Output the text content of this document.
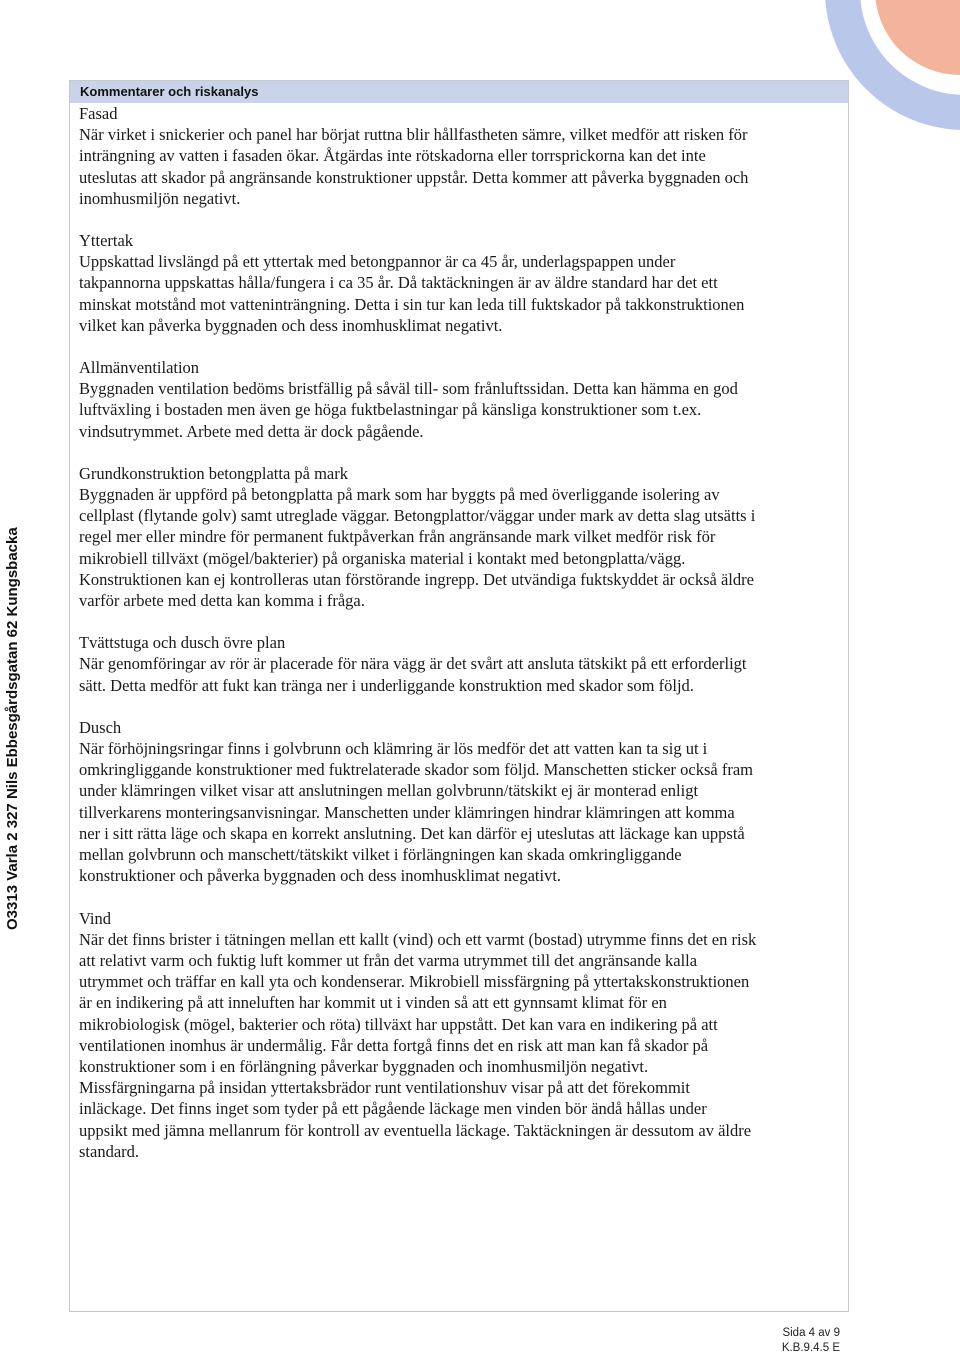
O3313 Varla 2 327 Nils Ebbesgårdsgatan 62 Kungsbacka
Kommentarer och riskanalys
Fasad

När virket i snickerier och panel har börjat ruttna blir hållfastheten sämre, vilket medför att risken för
inträngning av vatten i fasaden ökar. Åtgärdas inte rötskadorna eller torrsprickorna kan det inte
uteslutas att skador på angränsande konstruktioner uppstår. Detta kommer att påverka byggnaden och
inomhusmiljön negativt.

Yttertak

Uppskattad livslängd på ett yttertak med betongpannor är ca 45 år, underlagspappen under
takpannorna uppskattas hålla/fungera i ca 35 år. Då taktäckningen är av äldre standard har det ett
minskat motstånd mot vatteninträngning. Detta i sin tur kan leda till fuktskador på takkonstruktionen
vilket kan påverka byggnaden och dess inomhusklimat negativt.

Allmänventilation

Byggnaden ventilation bedöms bristfällig på såväl till- som frånluftssidan. Detta kan hämma en god
luftväxling i bostaden men även ge höga fuktbelastningar på känsliga konstruktioner som t.ex.
vindsutrymmet. Arbete med detta är dock pågående.

Grundkonstruktion betongplatta på mark

Byggnaden är uppförd på betongplatta på mark som har byggts på med överliggande isolering av
cellplast (flytande golv) samt utreglade väggar. Betongplattor/väggar under mark av detta slag utsätts i
regel mer eller mindre för permanent fuktpåverkan från angränsande mark vilket medför risk för
mikrobiell tillväxt (mögel/bakterier) på organiska material i kontakt med betongplatta/vägg.
Konstruktionen kan ej kontrolleras utan förstörande ingrepp. Det utvändiga fuktskyddet är också äldre
varför arbete med detta kan komma i fråga.

Tvättstuga och dusch övre plan

När genomföringar av rör är placerade för nära vägg är det svårt att ansluta tätskikt på ett erforderligt
sätt. Detta medför att fukt kan tränga ner i underliggande konstruktion med skador som följd.

Dusch

När förhöjningsringar finns i golvbrunn och klämring är lös medför det att vatten kan ta sig ut i
omkringliggande konstruktioner med fuktrelaterade skador som följd. Manschetten sticker också fram
under klämringen vilket visar att anslutningen mellan golvbrunn/tätskikt ej är monterad enligt
tillverkarens monteringsanvisningar. Manschetten under klämringen hindrar klämringen att komma
ner i sitt rätta läge och skapa en korrekt anslutning. Det kan därför ej uteslutas att läckage kan uppstå
mellan golvbrunn och manschett/tätskikt vilket i förlängningen kan skada omkringliggande
konstruktioner och påverka byggnaden och dess inomhusklimat negativt.

Vind

När det finns brister i tätningen mellan ett kallt (vind) och ett varmt (bostad) utrymme finns det en risk
att relativt varm och fuktig luft kommer ut från det varma utrymmet till det angränsande kalla
utrymmet och träffar en kall yta och kondenserar. Mikrobiell missfärgning på yttertakskonstruktionen
är en indikering på att inneluften har kommit ut i vinden så att ett gynnsamt klimat för en
mikrobiologisk (mögel, bakterier och röta) tillväxt har uppstått. Det kan vara en indikering på att
ventilationen inomhus är undermålig. Får detta fortgå finns det en risk att man kan få skador på
konstruktioner som i en förlängning påverkar byggnaden och inomhusmiljön negativt.
Missfärgningarna på insidan yttertaksbrädor runt ventilationshuv visar på att det förekommit
inläckage. Det finns inget som tyder på ett pågående läckage men vinden bör ändå hållas under
uppsikt med jämna mellanrum för kontroll av eventuella läckage. Taktäckningen är dessutom av äldre
standard.

Sida 4 av 9
K.B.9.4.5 E
